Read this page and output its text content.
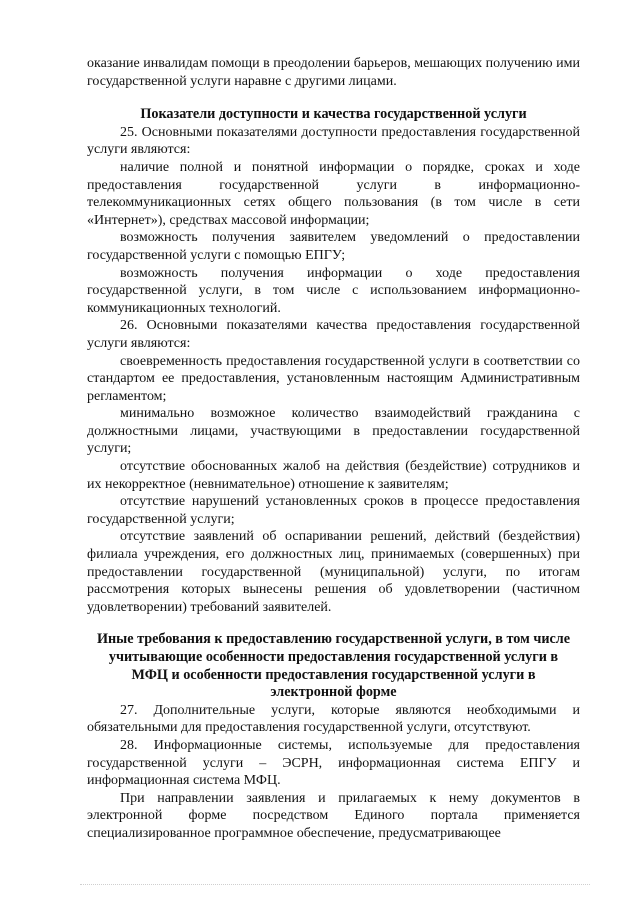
оказание инвалидам помощи в преодолении барьеров, мешающих получению ими государственной услуги наравне с другими лицами.

Показатели доступности и качества государственной услуги

25. Основными показателями доступности предоставления государственной услуги являются:

наличие полной и понятной информации о порядке, сроках и ходе предоставления государственной услуги в информационно-телекоммуникационных сетях общего пользования (в том числе в сети «Интернет»), средствах массовой информации;

возможность получения заявителем уведомлений о предоставлении государственной услуги с помощью ЕПГУ;

возможность получения информации о ходе предоставления государственной услуги, в том числе с использованием информационно-коммуникационных технологий.

26. Основными показателями качества предоставления государственной услуги являются:

своевременность предоставления государственной услуги в соответствии со стандартом ее предоставления, установленным настоящим Административным регламентом;

минимально возможное количество взаимодействий гражданина с должностными лицами, участвующими в предоставлении государственной услуги;

отсутствие обоснованных жалоб на действия (бездействие) сотрудников и их некорректное (невнимательное) отношение к заявителям;

отсутствие нарушений установленных сроков в процессе предоставления государственной услуги;

отсутствие заявлений об оспаривании решений, действий (бездействия) филиала учреждения, его должностных лиц, принимаемых (совершенных) при предоставлении государственной (муниципальной) услуги, по итогам рассмотрения которых вынесены решения об удовлетворении (частичном удовлетворении) требований заявителей.

Иные требования к предоставлению государственной услуги, в том числе учитывающие особенности предоставления государственной услуги в МФЦ и особенности предоставления государственной услуги в электронной форме

27. Дополнительные услуги, которые являются необходимыми и обязательными для предоставления государственной услуги, отсутствуют.

28. Информационные системы, используемые для предоставления государственной услуги – ЭСРН, информационная система ЕПГУ и информационная система МФЦ.

При направлении заявления и прилагаемых к нему документов в электронной форме посредством Единого портала применяется специализированное программное обеспечение, предусматривающее
